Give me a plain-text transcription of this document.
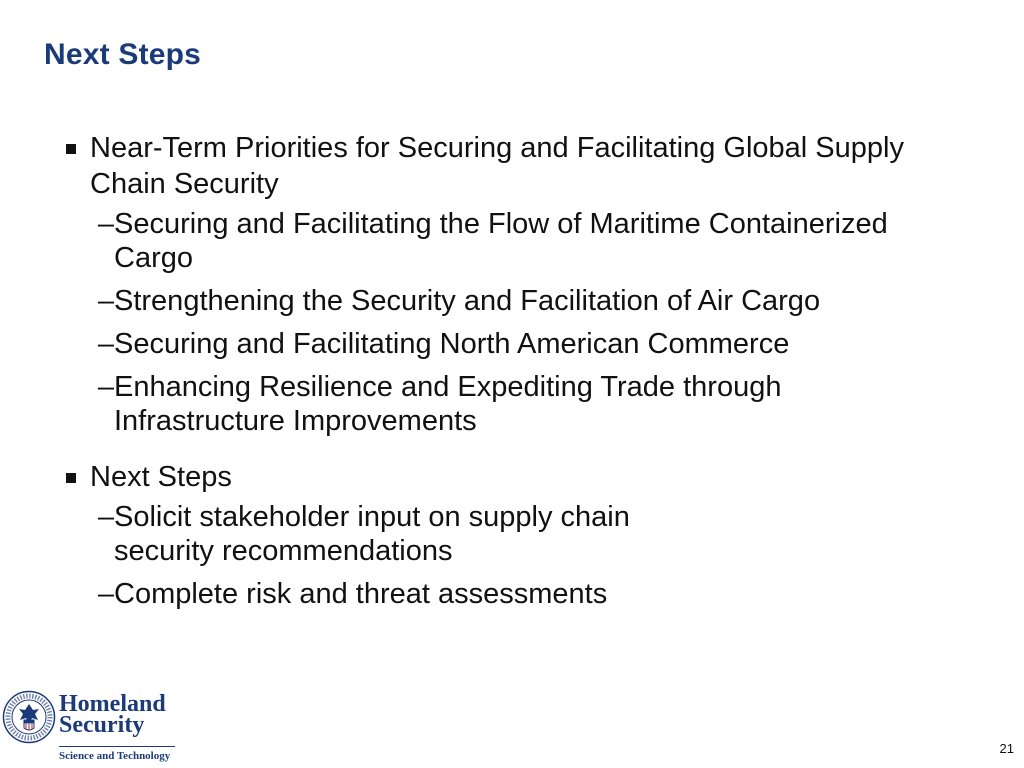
Next Steps
Near-Term Priorities for Securing and Facilitating Global Supply Chain Security
– Securing and Facilitating the Flow of Maritime Containerized Cargo
– Strengthening the Security and Facilitation of Air Cargo
– Securing and Facilitating North American Commerce
– Enhancing Resilience and Expediting Trade through Infrastructure Improvements
Next Steps
– Solicit stakeholder input on supply chain security recommendations
– Complete risk and threat assessments
Homeland
Security
Science and Technology	21
